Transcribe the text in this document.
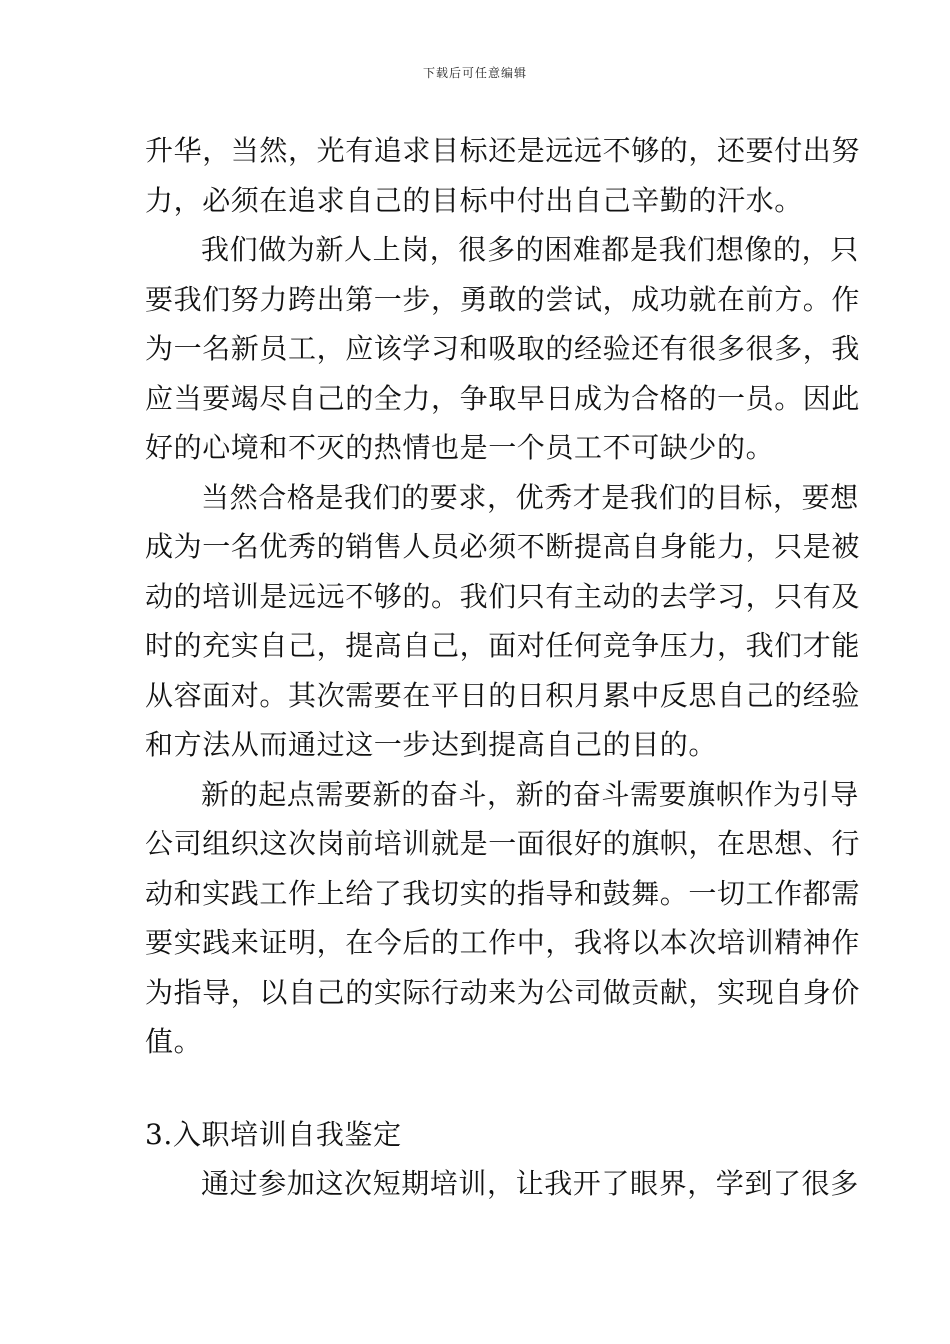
下载后可任意编辑
升华，当然，光有追求目标还是远远不够的，还要付出努
力，必须在追求自己的目标中付出自己辛勤的汗水。
我们做为新人上岗，很多的困难都是我们想像的，只
要我们努力跨出第一步，勇敢的尝试，成功就在前方。作
为一名新员工，应该学习和吸取的经验还有很多很多，我
应当要竭尽自己的全力，争取早日成为合格的一员。因此
好的心境和不灭的热情也是一个员工不可缺少的。
当然合格是我们的要求，优秀才是我们的目标，要想
成为一名优秀的销售人员必须不断提高自身能力，只是被
动的培训是远远不够的。我们只有主动的去学习，只有及
时的充实自己，提高自己，面对任何竞争压力，我们才能
从容面对。其次需要在平日的日积月累中反思自己的经验
和方法从而通过这一步达到提高自己的目的。
新的起点需要新的奋斗，新的奋斗需要旗帜作为引导
公司组织这次岗前培训就是一面很好的旗帜，在思想、行
动和实践工作上给了我切实的指导和鼓舞。一切工作都需
要实践来证明，在今后的工作中，我将以本次培训精神作
为指导，以自己的实际行动来为公司做贡献，实现自身价
值。
3.入职培训自我鉴定
通过参加这次短期培训，让我开了眼界，学到了很多
